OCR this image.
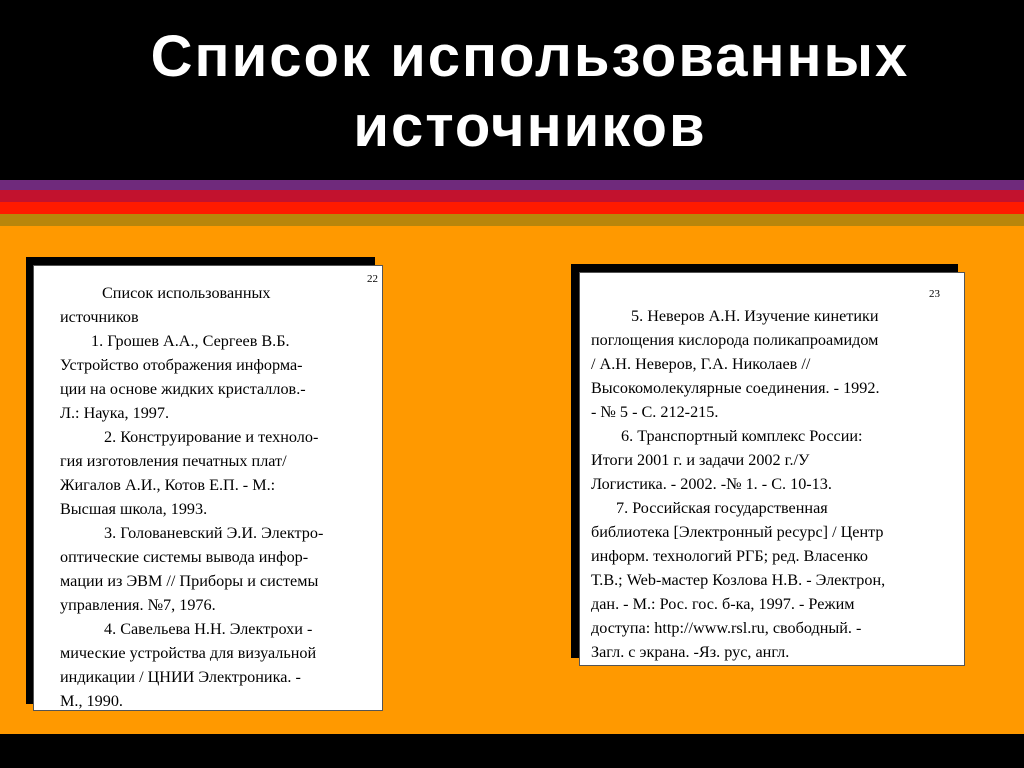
Список использованных
источников
22
Список использованных
источников
1. Грошев А.А., Сергеев В.Б.
Устройство отображения информа-
ции на основе жидких кристаллов.-
Л.: Наука, 1997.
2. Конструирование и техноло-
гия изготовления печатных плат/
Жигалов А.И., Котов Е.П. - М.:
Высшая школа, 1993.
3. Голованевский Э.И. Электро-
оптические системы вывода инфор-
мации из ЭВМ // Приборы и системы
управления. №7, 1976.
4. Савельева Н.Н. Электрохи -
мические устройства для визуальной
индикации / ЦНИИ Электроника. -
М., 1990.
23
5. Неверов А.Н. Изучение кинетики
поглощения кислорода поликапроамидом
/ А.Н. Неверов, Г.А. Николаев //
Высокомолекулярные соединения. - 1992.
- № 5 - С. 212-215.
6. Транспортный комплекс России:
Итоги 2001 г. и задачи 2002 г./У
Логистика. - 2002. -№ 1. - С. 10-13.
7. Российская государственная
библиотека [Электронный ресурс] / Центр
информ. технологий РГБ; ред. Власенко
Т.В.; Web-мастер Козлова Н.В. - Электрон,
дан. - М.: Рос. гос. б-ка, 1997. - Режим
доступа: http://www.rsl.ru, свободный. -
Загл. с экрана. -Яз. рус, англ.
